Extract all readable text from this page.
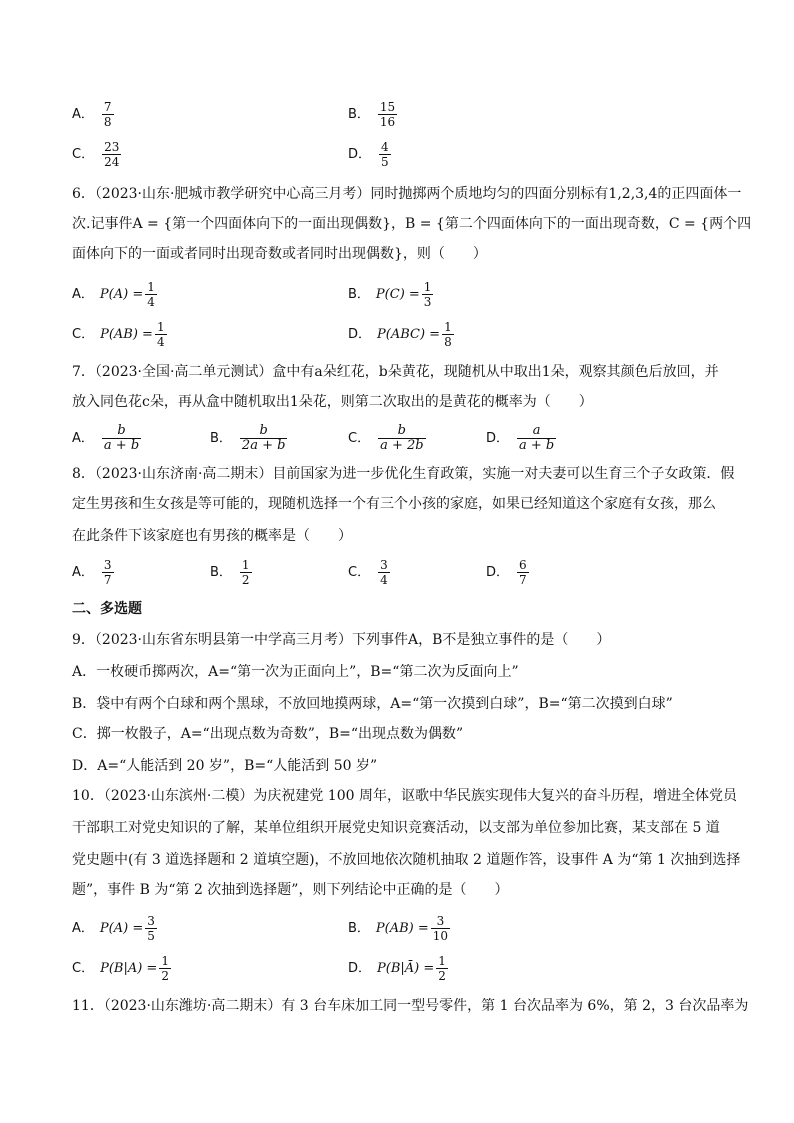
A． $\frac{7}{8}$	B． $\frac{15}{16}$
C． $\frac{23}{24}$	D． $\frac{4}{5}$
6．（2023·山东·肥城市教学研究中心高三月考）同时抛掷两个质地均匀的四面分别标有1,2,3,4的正四面体一
次.记事件A = {第一个四面体向下的一面出现偶数}，B = {第二个四面体向下的一面出现奇数，C = {两个四
面体向下的一面或者同时出现奇数或者同时出现偶数}，则（　　）
A． $P(A) = \frac{1}{4}$	B． $P(C) = \frac{1}{3}$
C． $P(AB) = \frac{1}{4}$	D． $P(ABC) = \frac{1}{8}$
7．（2023·全国·高二单元测试）盒中有a朵红花，b朵黄花，现随机从中取出1朵，观察其颜色后放回，并
放入同色花c朵，再从盒中随机取出1朵花，则第二次取出的是黄花的概率为（　　）
A． $\frac{b}{a + b}$	B． $\frac{b}{2a + b}$	C． $\frac{b}{a + 2b}$	D． $\frac{a}{a + b}$
8．（2023·山东济南·高二期末）目前国家为进一步优化生育政策，实施一对夫妻可以生育三个子女政策．假
定生男孩和生女孩是等可能的，现随机选择一个有三个小孩的家庭，如果已经知道这个家庭有女孩，那么
在此条件下该家庭也有男孩的概率是（　　）
A． $\frac{3}{7}$	B． $\frac{1}{2}$	C． $\frac{3}{4}$	D． $\frac{6}{7}$
二、多选题
9．（2023·山东省东明县第一中学高三月考）下列事件A，B不是独立事件的是（　　）
A．一枚硬币掷两次，A=“第一次为正面向上”，B=“第二次为反面向上”
B．袋中有两个白球和两个黑球，不放回地摸两球，A=“第一次摸到白球”，B=“第二次摸到白球”
C．掷一枚骰子，A=“出现点数为奇数”，B=“出现点数为偶数”
D．A=“人能活到 20 岁”，B=“人能活到 50 岁”
10．（2023·山东滨州·二模）为庆祝建党 100 周年，讴歌中华民族实现伟大复兴的奋斗历程，增进全体党员
干部职工对党史知识的了解，某单位组织开展党史知识竞赛活动，以支部为单位参加比赛，某支部在 5 道
党史题中(有 3 道选择题和 2 道填空题)，不放回地依次随机抽取 2 道题作答，设事件 A 为“第 1 次抽到选择
题”，事件 B 为“第 2 次抽到选择题”，则下列结论中正确的是（　　）
A． $P(A) = \frac{3}{5}$	B． $P(AB) = \frac{3}{10}$
C． $P(B|A) = \frac{1}{2}$	D． P(B|Ā) = $\frac{1}{2}$
11．（2023·山东潍坊·高二期末）有 3 台车床加工同一型号零件，第 1 台次品率为 6%，第 2，3 台次品率为
